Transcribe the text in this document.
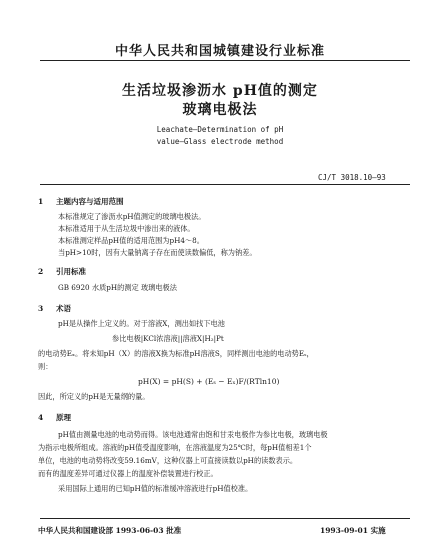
中华人民共和国城镇建设行业标准
生活垃圾渗沥水 pH值的测定
玻璃电极法
Leachate—Determination of pH
value—Glass electrode method
CJ/T 3018.10—93
1 主题内容与适用范围
本标准规定了渗沥水pH值测定的玻璃电极法。
本标准适用于从生活垃圾中渗出来的液体。
本标准测定样品pH值的适用范围为pH4～8。
当pH>10时，因有大量钠离子存在而使读数偏低，称为钠差。
2 引用标准
GB 6920 水质pH的测定 玻璃电极法
3 术语
pH是从操作上定义的。对于溶液X，测出如找下电池
参比电极|KCl浓溶液||溶液X|H₂|Pt
的电动势Eₓ。将未知pH（X）的溶液X换为标准pH溶液S，同样测出电池的电动势Eₛ，
则：
pH(X) = pH(S) + (Eₛ − Eₓ)F/(RTln10)
因此，所定义的pH是无量纲的量。
4 原理
pH值由测量电池的电动势而得。该电池通常由饱和甘汞电极作为参比电极，玻璃电极
为指示电极所组成。溶液的pH值受温度影响，在溶液温度为25℃时，每pH值相差1个
单位，电池的电动势将改变59.16mV，这种仪器上可直接读数以pH的读数表示。
而有的温度差异可通过仪器上的温度补偿装置进行校正。
采用国际上通用的已知pH值的标准缓冲溶液进行pH值校准。
中华人民共和国建设部 1993-06-03 批准	1993-09-01 实施
